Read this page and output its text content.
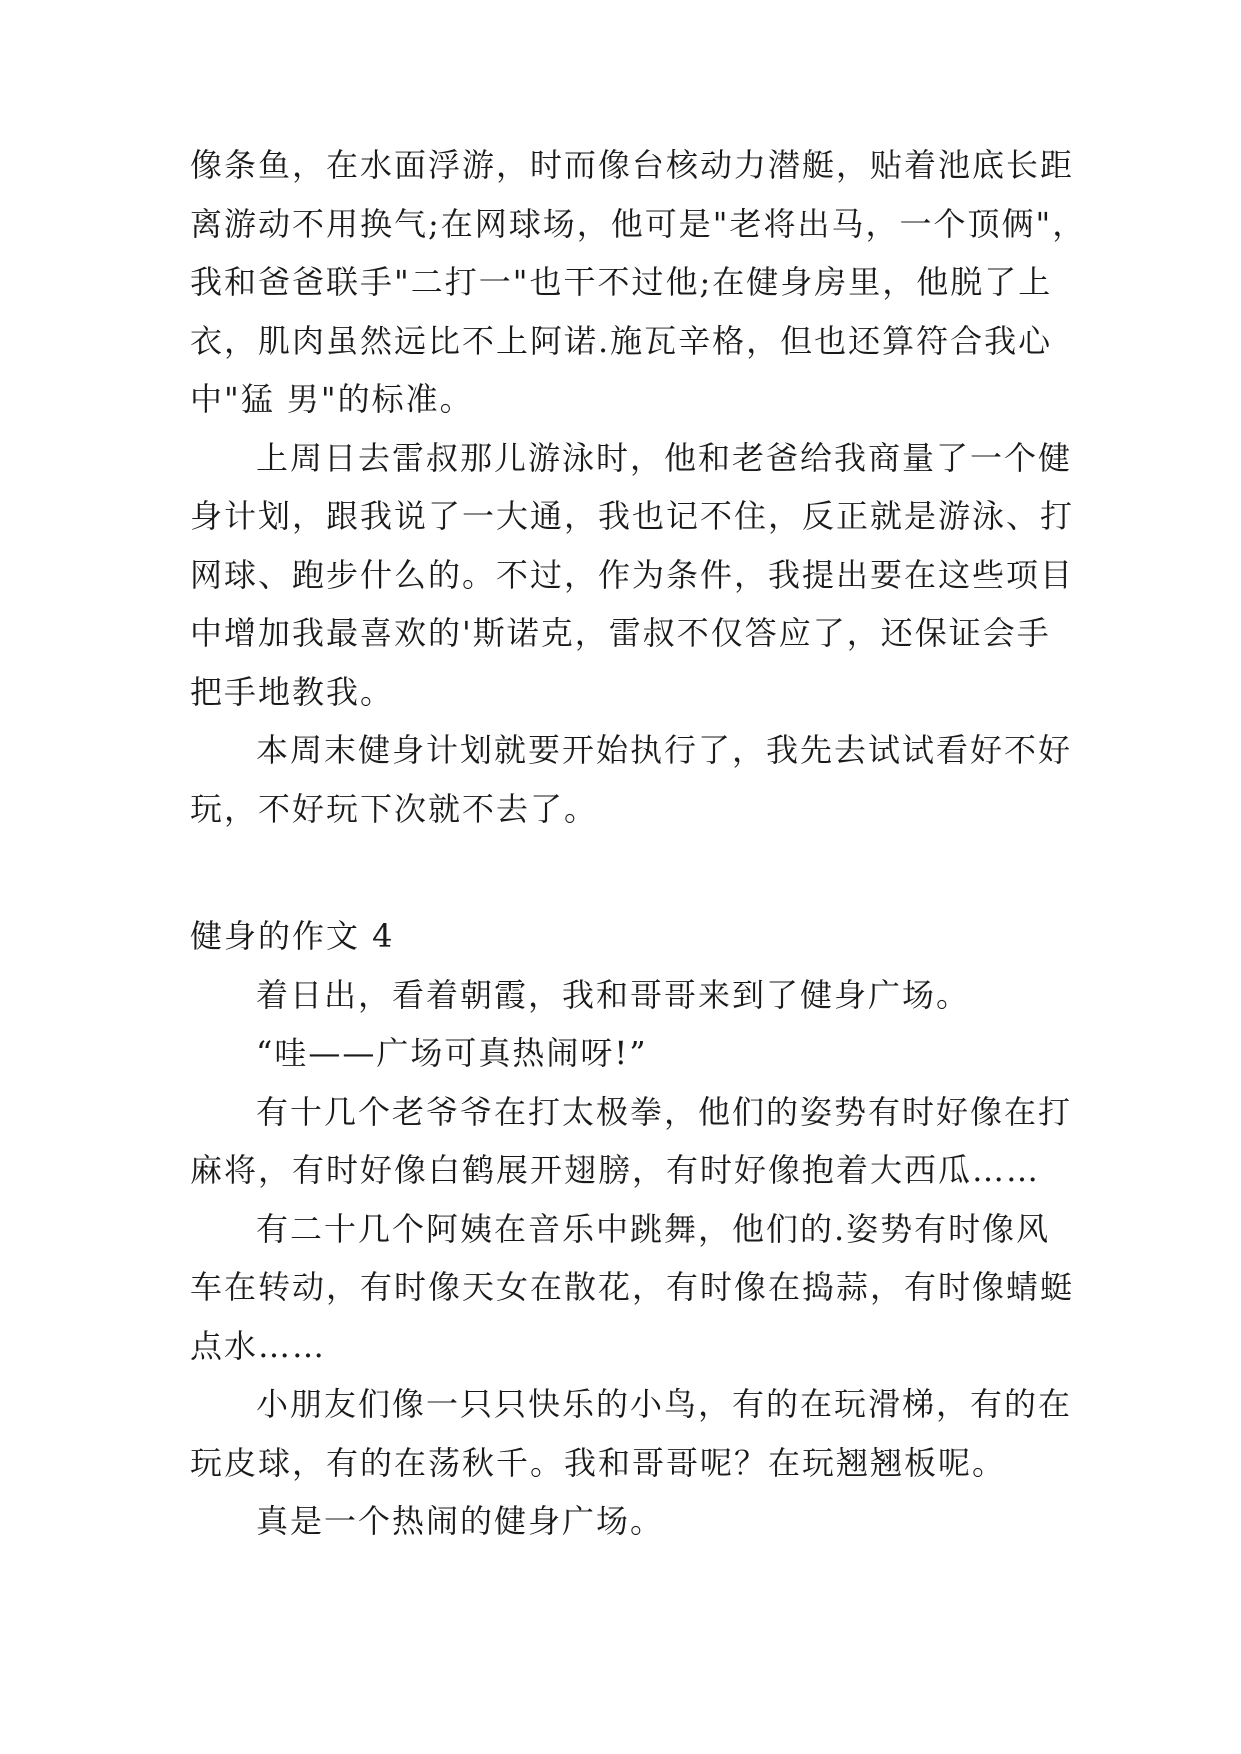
像条鱼，在水面浮游，时而像台核动力潜艇，贴着池底长距
离游动不用换气;在网球场，他可是"老将出马，一个顶俩"，
我和爸爸联手"二打一"也干不过他;在健身房里，他脱了上
衣，肌肉虽然远比不上阿诺.施瓦辛格，但也还算符合我心
中"猛 男"的标准。
上周日去雷叔那儿游泳时，他和老爸给我商量了一个健
身计划，跟我说了一大通，我也记不住，反正就是游泳、打
网球、跑步什么的。不过，作为条件，我提出要在这些项目
中增加我最喜欢的'斯诺克，雷叔不仅答应了，还保证会手
把手地教我。
本周末健身计划就要开始执行了，我先去试试看好不好
玩，不好玩下次就不去了。
健身的作文 4
着日出，看着朝霞，我和哥哥来到了健身广场。
“哇——广场可真热闹呀!”
有十几个老爷爷在打太极拳，他们的姿势有时好像在打
麻将，有时好像白鹤展开翅膀，有时好像抱着大西瓜……
有二十几个阿姨在音乐中跳舞，他们的.姿势有时像风
车在转动，有时像天女在散花，有时像在捣蒜，有时像蜻蜓
点水……
小朋友们像一只只快乐的小鸟，有的在玩滑梯，有的在
玩皮球，有的在荡秋千。我和哥哥呢？在玩翘翘板呢。
真是一个热闹的健身广场。
